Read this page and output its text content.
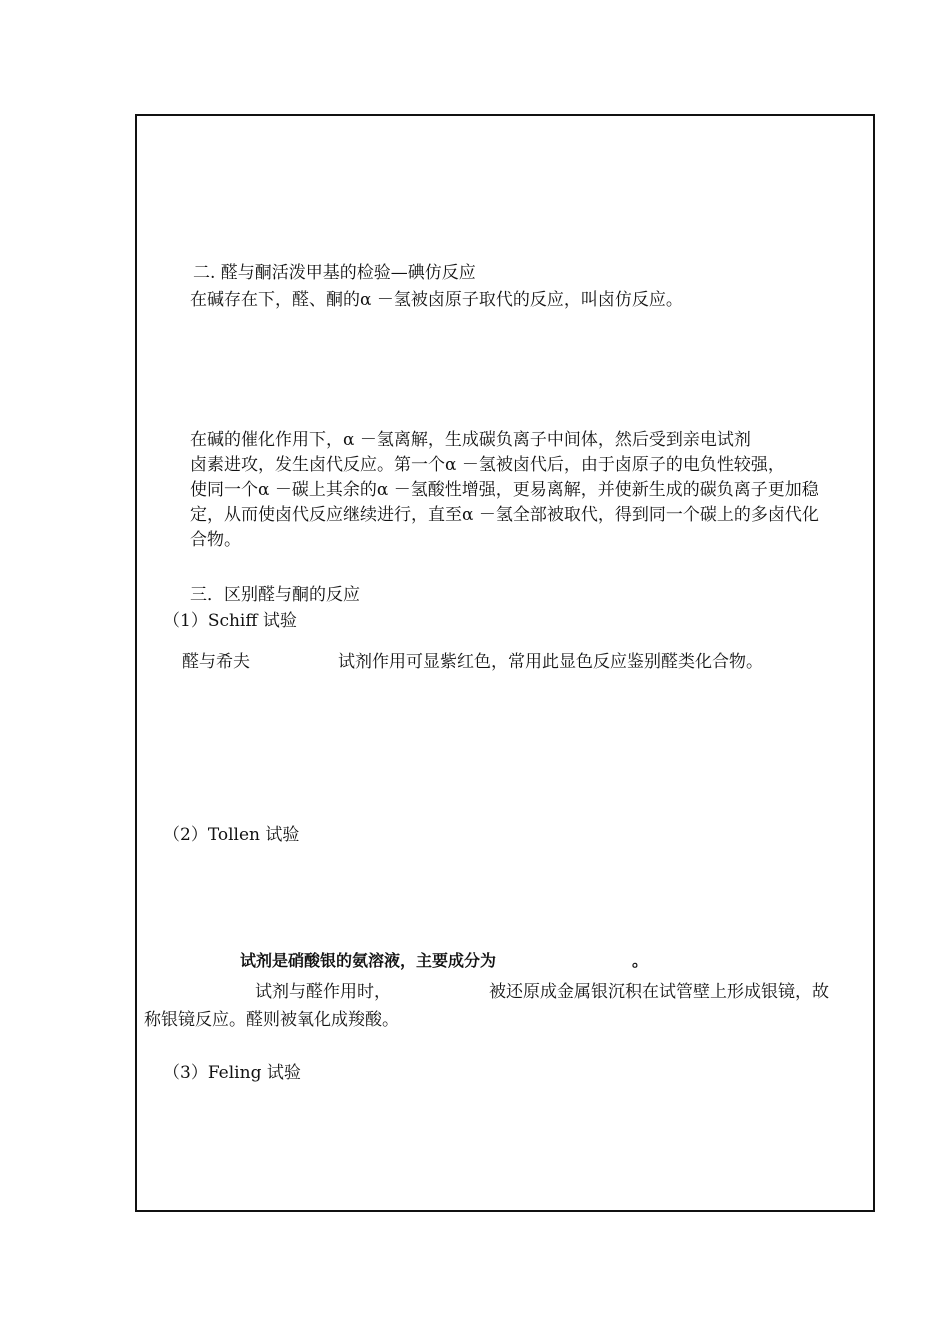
二. 醛与酮活泼甲基的检验—碘仿反应
在碱存在下，醛、酮的α －氢被卤原子取代的反应，叫卤仿反应。
在碱的催化作用下，α －氢离解，生成碳负离子中间体，然后受到亲电试剂
卤素进攻，发生卤代反应。第一个α －氢被卤代后，由于卤原子的电负性较强，
使同一个α －碳上其余的α －氢酸性增强，更易离解，并使新生成的碳负离子更加稳
定，从而使卤代反应继续进行，直至α －氢全部被取代，得到同一个碳上的多卤代化
合物。
三．区别醛与酮的反应
（1）Schiff 试验
醛与希夫	试剂作用可显紫红色，常用此显色反应鉴别醛类化合物。
（2）Tollen 试验
试剂是硝酸银的氨溶液，主要成分为	。
试剂与醛作用时，	被还原成金属银沉积在试管壁上形成银镜，故
称银镜反应。醛则被氧化成羧酸。
（3）Feling 试验
